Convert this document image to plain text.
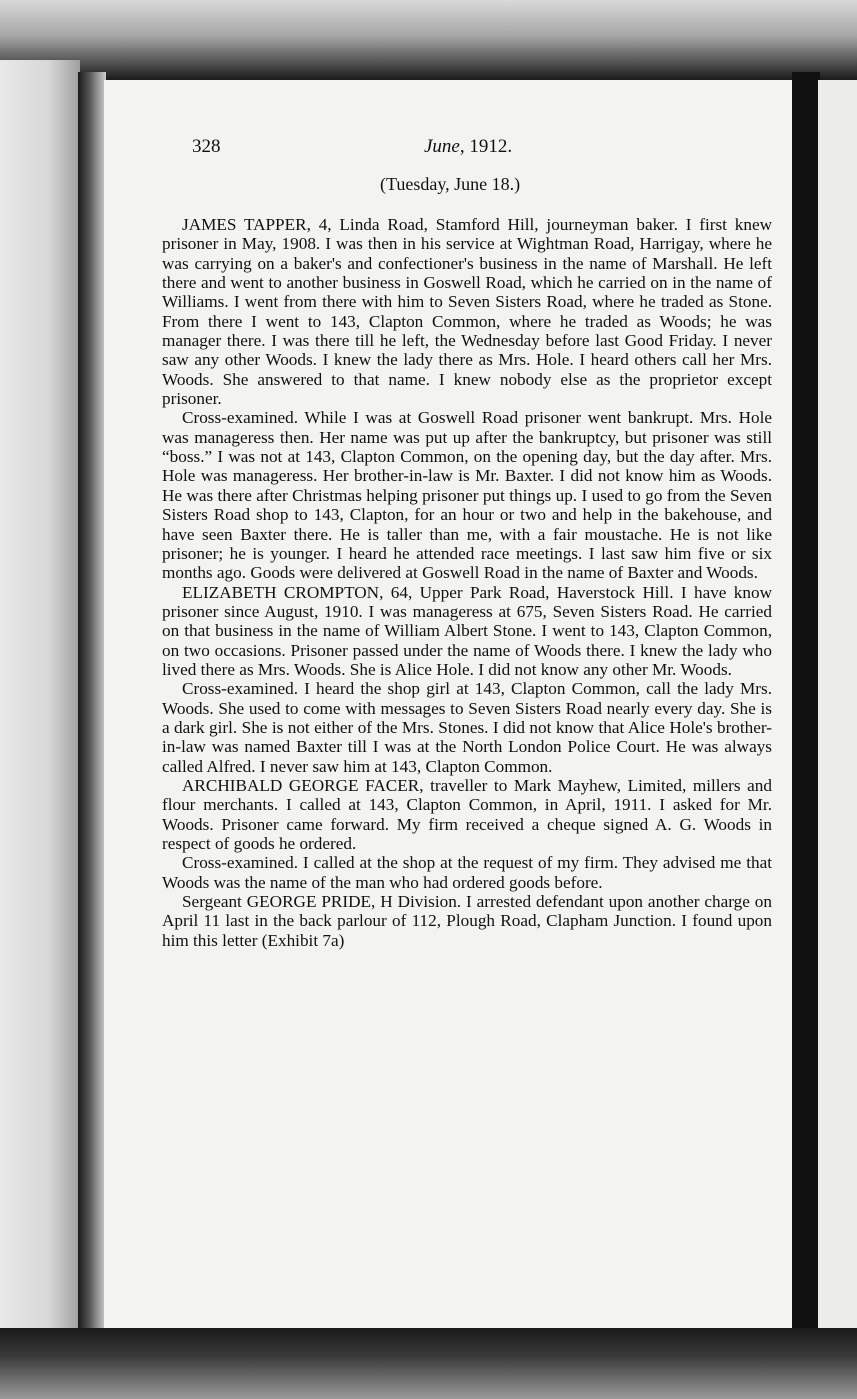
328	June, 1912.
(Tuesday, June 18.)

JAMES TAPPER, 4, Linda Road, Stamford Hill, journeyman baker. I first knew prisoner in May, 1908. I was then in his service at Wightman Road, Harrigay, where he was carrying on a baker's and confectioner's business in the name of Marshall. He left there and went to another business in Goswell Road, which he carried on in the name of Williams. I went from there with him to Seven Sisters Road, where he traded as Stone. From there I went to 143, Clapton Common, where he traded as Woods; he was manager there. I was there till he left, the Wednesday before last Good Friday. I never saw any other Woods. I knew the lady there as Mrs. Hole. I heard others call her Mrs. Woods. She answered to that name. I knew nobody else as the proprietor except prisoner.

Cross-examined. While I was at Goswell Road prisoner went bankrupt. Mrs. Hole was manageress then. Her name was put up after the bankruptcy, but prisoner was still “boss.” I was not at 143, Clapton Common, on the opening day, but the day after. Mrs. Hole was manageress. Her brother-in-law is Mr. Baxter. I did not know him as Woods. He was there after Christmas helping prisoner put things up. I used to go from the Seven Sisters Road shop to 143, Clapton, for an hour or two and help in the bakehouse, and have seen Baxter there. He is taller than me, with a fair moustache. He is not like prisoner; he is younger. I heard he attended race meetings. I last saw him five or six months ago. Goods were delivered at Goswell Road in the name of Baxter and Woods.

ELIZABETH CROMPTON, 64, Upper Park Road, Haverstock Hill. I have know prisoner since August, 1910. I was manageress at 675, Seven Sisters Road. He carried on that business in the name of William Albert Stone. I went to 143, Clapton Common, on two occasions. Prisoner passed under the name of Woods there. I knew the lady who lived there as Mrs. Woods. She is Alice Hole. I did not know any other Mr. Woods.

Cross-examined. I heard the shop girl at 143, Clapton Common, call the lady Mrs. Woods. She used to come with messages to Seven Sisters Road nearly every day. She is a dark girl. She is not either of the Mrs. Stones. I did not know that Alice Hole's brother-in-law was named Baxter till I was at the North London Police Court. He was always called Alfred. I never saw him at 143, Clapton Common.

ARCHIBALD GEORGE FACER, traveller to Mark Mayhew, Limited, millers and flour merchants. I called at 143, Clapton Common, in April, 1911. I asked for Mr. Woods. Prisoner came forward. My firm received a cheque signed A. G. Woods in respect of goods he ordered.

Cross-examined. I called at the shop at the request of my firm. They advised me that Woods was the name of the man who had ordered goods before.

Sergeant GEORGE PRIDE, H Division. I arrested defendant upon another charge on April 11 last in the back parlour of 112, Plough Road, Clapham Junction. I found upon him this letter (Exhibit 7a)
